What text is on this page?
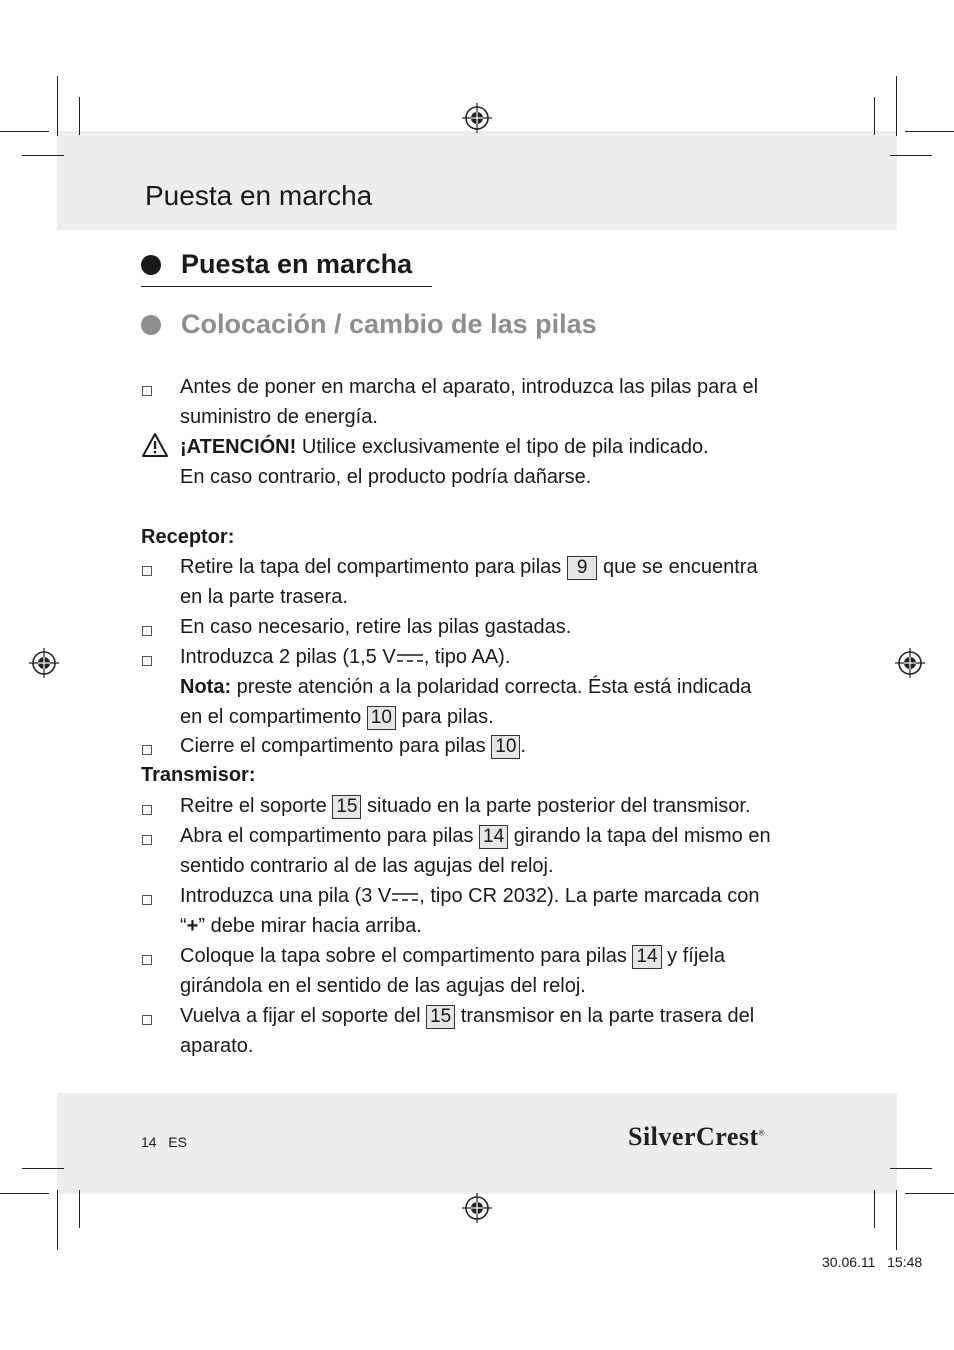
Puesta en marcha
Puesta en marcha
Colocación / cambio de las pilas
Antes de poner en marcha el aparato, introduzca las pilas para el
suministro de energía.
¡ATENCIÓN! Utilice exclusivamente el tipo de pila indicado.
En caso contrario, el producto podría dañarse.
Receptor:
Retire la tapa del compartimento para pilas 9 que se encuentra
en la parte trasera.
En caso necesario, retire las pilas gastadas.
Introduzca 2 pilas (1,5 V , tipo AA).
Nota: preste atención a la polaridad correcta. Ésta está indicada
en el compartimento 10 para pilas.
Cierre el compartimento para pilas 10 .
Transmisor:
Reitre el soporte 15 situado en la parte posterior del transmisor.
Abra el compartimento para pilas 14 girando la tapa del mismo en
sentido contrario al de las agujas del reloj.
Introduzca una pila (3 V , tipo CR 2032). La parte marcada con
“+” debe mirar hacia arriba.
Coloque la tapa sobre el compartimento para pilas 14 y fíjela
girándola en el sentido de las agujas del reloj.
Vuelva a fijar el soporte del 15 transmisor en la parte trasera del
aparato.
14 ES	SilverCrest®
30.06.11   15:48
